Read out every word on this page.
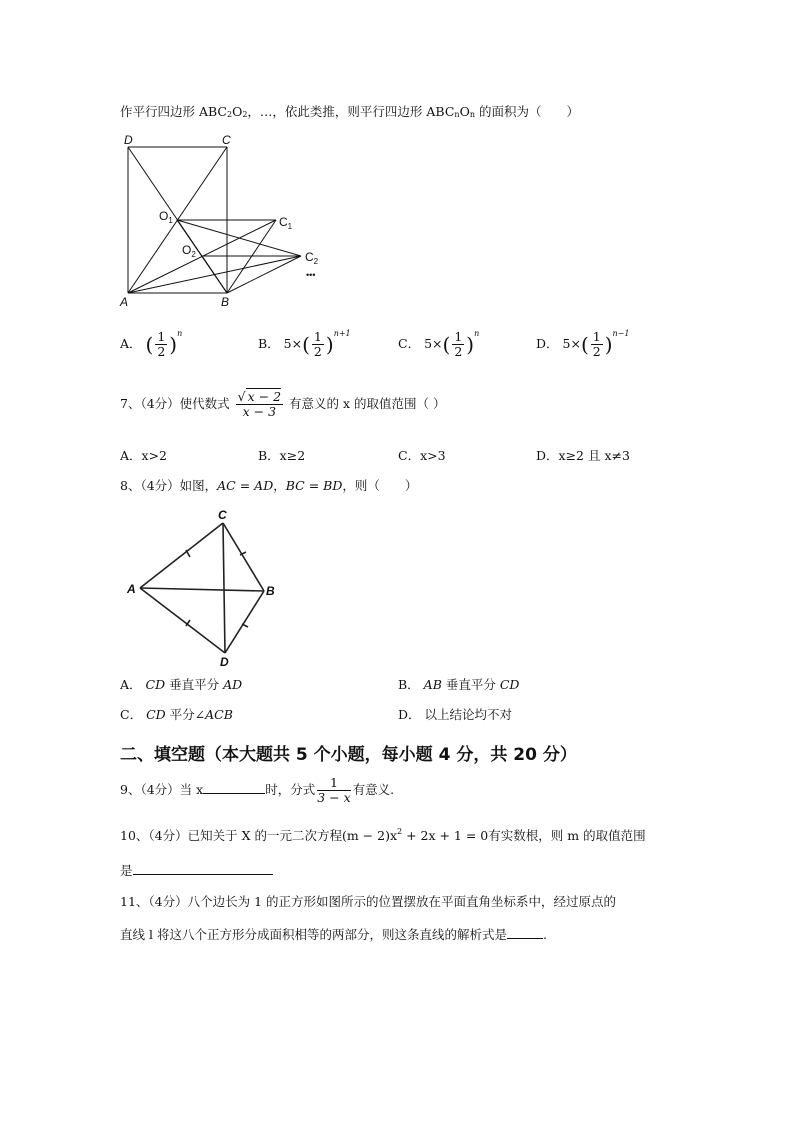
作平行四边形 $ABC_2O_2$，…，依此类推，则平行四边形 $ABC_nO_n$ 的面积为（　　）
D	C
A	B
$O_1$
$O_2$
$C_1$
$C_2$
•••
A． ( $\frac{1}{2} )^n$
B． $5\times( \frac{1}{2} )^{n+1}$
C． $5\times( \frac{1}{2} )^n$
D． $5\times( \frac{1}{2} )^{n-1}$
7、（4分）使代数式 $\frac{√ x - 2}{x - 3}$ 有意义的 x 的取值范围（ ）
A．x>2	B．x≥2	C．x>3	D．x≥2 且 x≠3
8、（4分）如图，AC = AD，BC = BD，则（　　）
C
A	B
D
A． CD 垂直平分 AD	B． AB 垂直平分 CD
C． CD 平分∠ACB	D． 以上结论均不对
二、填空题（本大题共 5 个小题，每小题 4 分，共 20 分）
9、（4分）当 x	时，分式 $\frac{1}{3 - x}$ 有意义.
10、（4分）已知关于 X 的一元二次方程$(m - 2)x^2 + 2x + 1 = 0$有实数根，则 m 的取值范围
是
11、（4分）八个边长为 1 的正方形如图所示的位置摆放在平面直角坐标系中，经过原点的
直线 l 将这八个正方形分成面积相等的两部分，则这条直线的解析式是	.
